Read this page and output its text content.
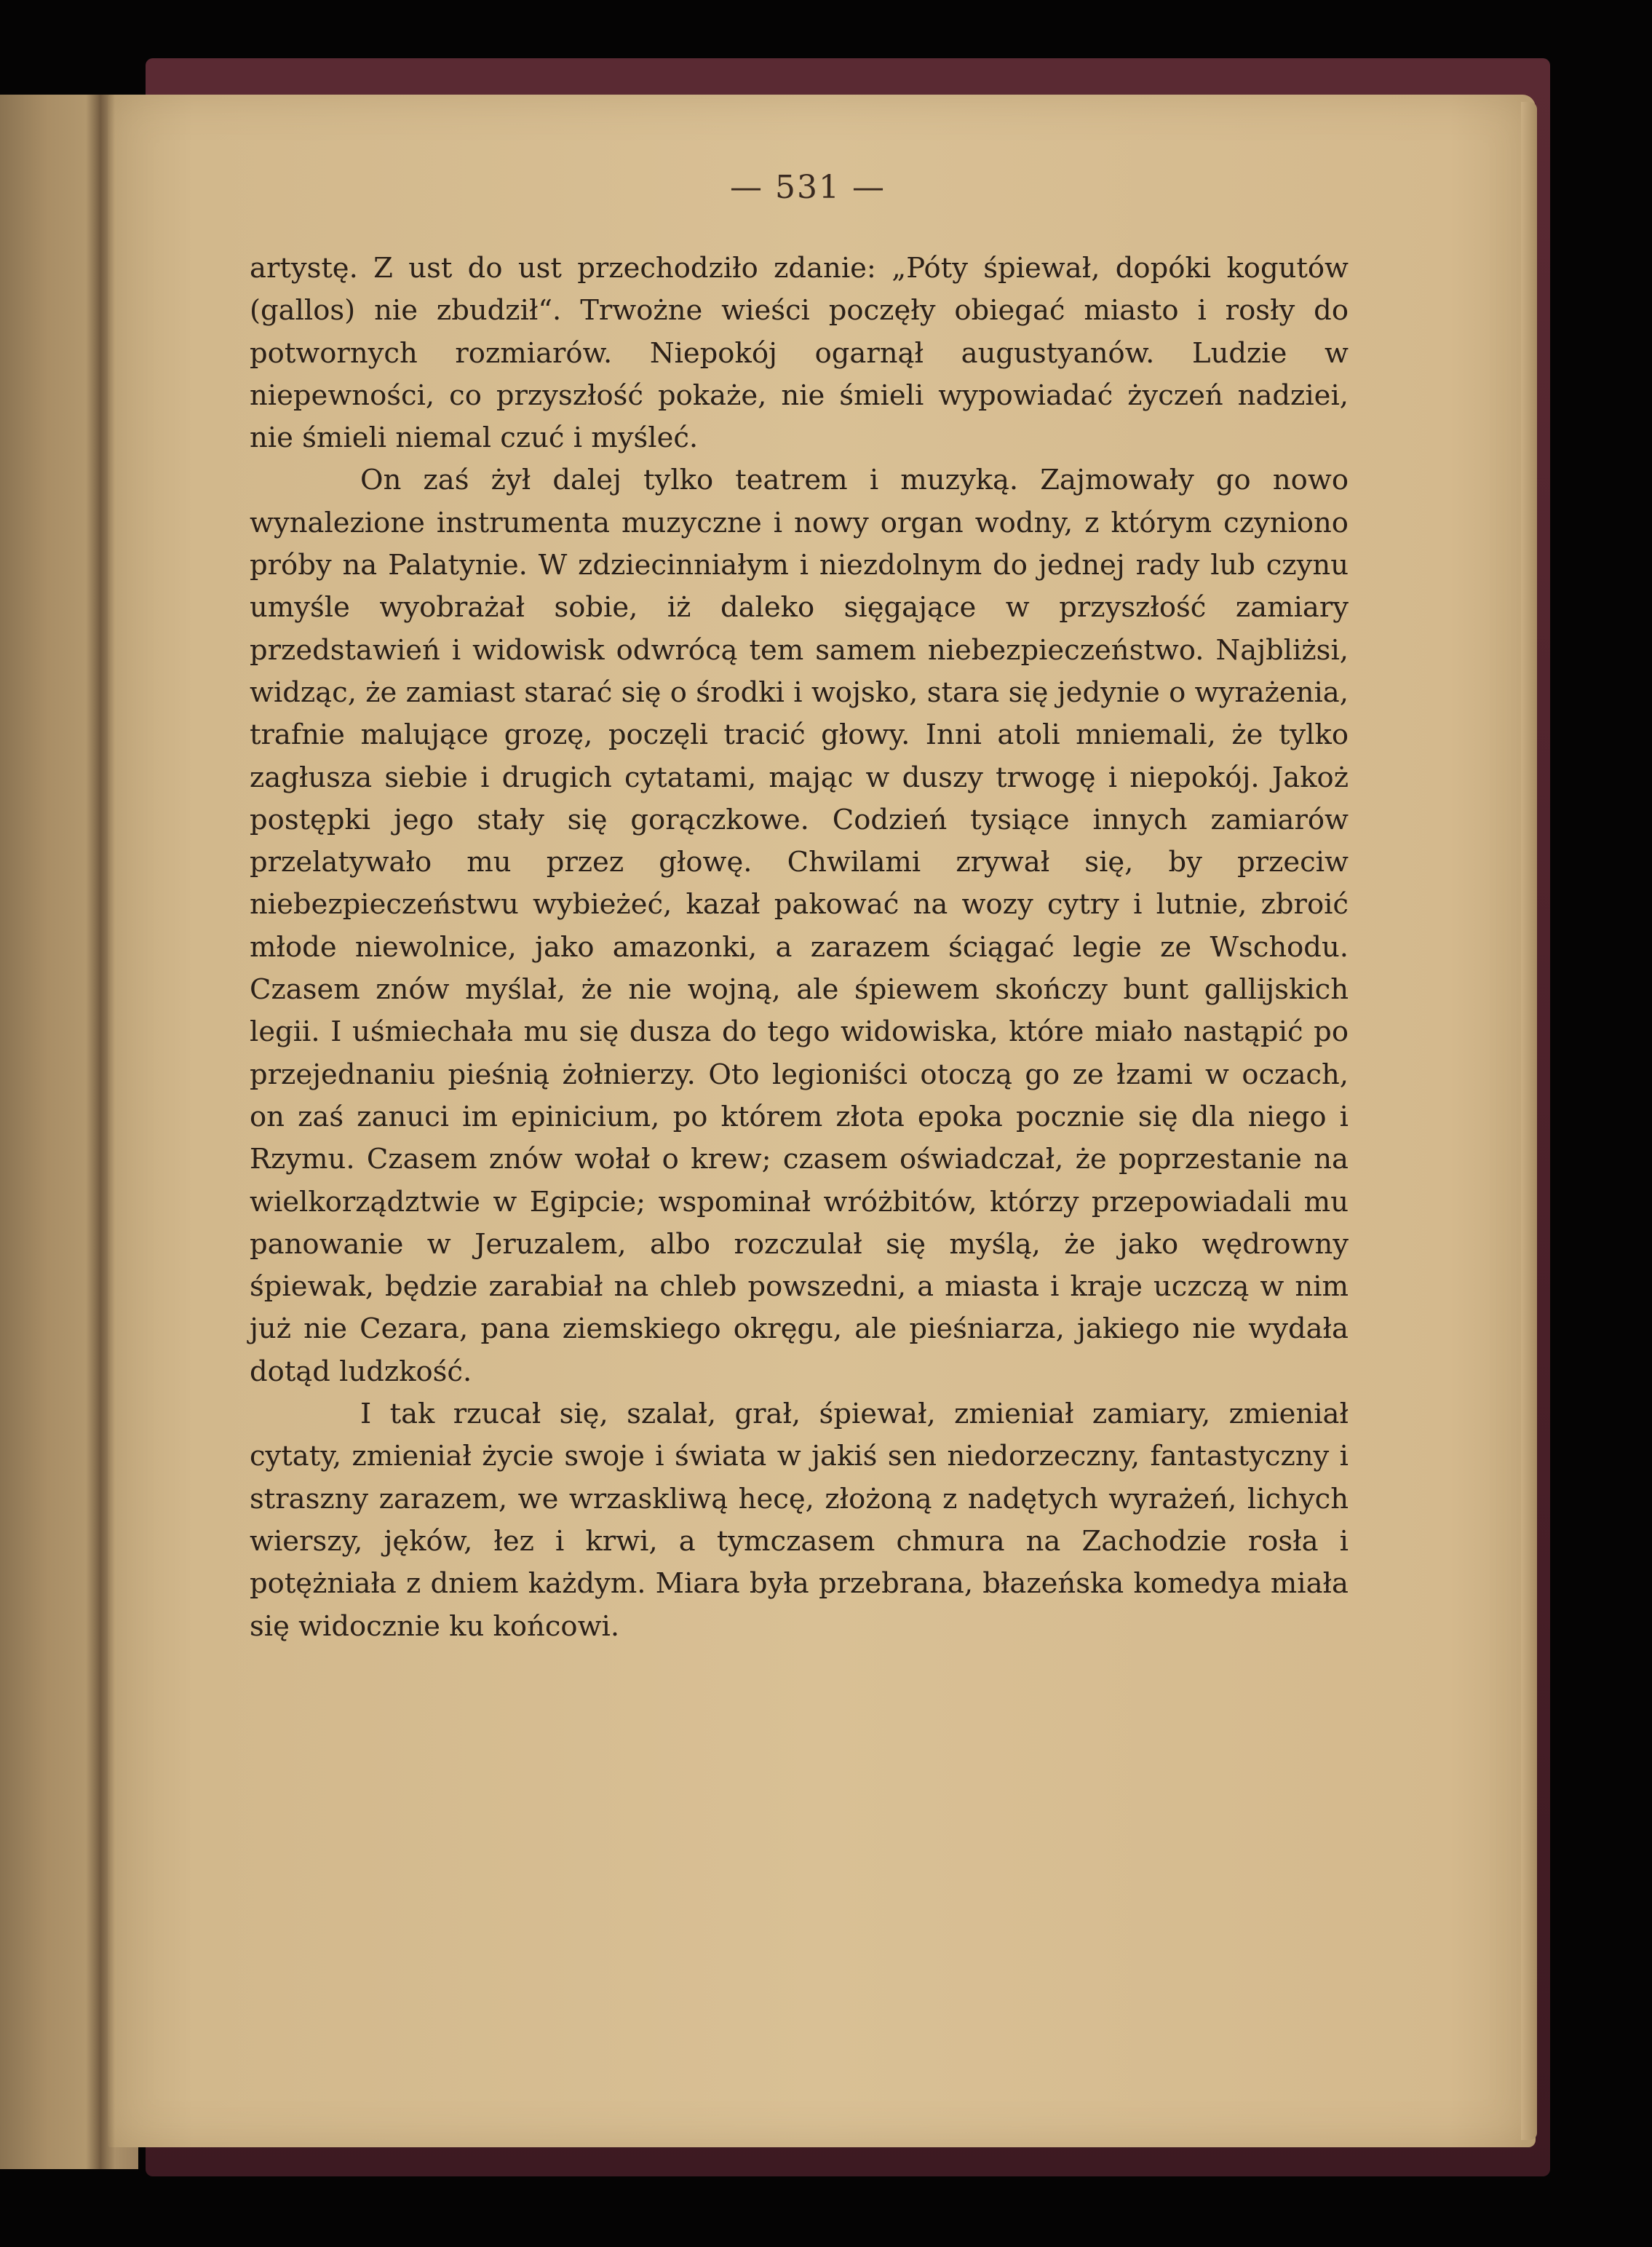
— 531 —

artystę. Z ust do ust przechodziło zdanie: „Póty śpiewał, dopóki kogutów (gallos) nie zbudził“. Trwożne wieści poczęły obiegać miasto i rosły do potwornych rozmiarów. Niepokój ogarnął augustyanów. Ludzie w niepewności, co przyszłość pokaże, nie śmieli wypowiadać życzeń nadziei, nie śmieli niemal czuć i myśleć.

On zaś żył dalej tylko teatrem i muzyką. Zajmowały go nowo wynalezione instrumenta muzyczne i nowy organ wodny, z którym czyniono próby na Palatynie. W zdziecinniałym i niezdolnym do jednej rady lub czynu umyśle wyobrażał sobie, iż daleko sięgające w przyszłość zamiary przedstawień i widowisk odwrócą tem samem niebezpieczeństwo. Najbliżsi, widząc, że zamiast starać się o środki i wojsko, stara się jedynie o wyrażenia, trafnie malujące grozę, poczęli tracić głowy. Inni atoli mniemali, że tylko zagłusza siebie i drugich cytatami, mając w duszy trwogę i niepokój. Jakoż postępki jego stały się gorączkowe. Codzień tysiące innych zamiarów przelatywało mu przez głowę. Chwilami zrywał się, by przeciw niebezpieczeństwu wybieżeć, kazał pakować na wozy cytry i lutnie, zbroić młode niewolnice, jako amazonki, a zarazem ściągać legie ze Wschodu. Czasem znów myślał, że nie wojną, ale śpiewem skończy bunt gallijskich legii. I uśmiechała mu się dusza do tego widowiska, które miało nastąpić po przejednaniu pieśnią żołnierzy. Oto legioniści otoczą go ze łzami w oczach, on zaś zanuci im epinicium, po którem złota epoka pocznie się dla niego i Rzymu. Czasem znów wołał o krew; czasem oświadczał, że poprzestanie na wielkorządztwie w Egipcie; wspominał wróżbitów, którzy przepowiadali mu panowanie w Jeruzalem, albo rozczulał się myślą, że jako wędrowny śpiewak, będzie zarabiał na chleb powszedni, a miasta i kraje uczczą w nim już nie Cezara, pana ziemskiego okręgu, ale pieśniarza, jakiego nie wydała dotąd ludzkość.

I tak rzucał się, szalał, grał, śpiewał, zmieniał zamiary, zmieniał cytaty, zmieniał życie swoje i świata w jakiś sen niedorzeczny, fantastyczny i straszny zarazem, we wrzaskliwą hecę, złożoną z nadętych wyrażeń, lichych wierszy, jęków, łez i krwi, a tymczasem chmura na Zachodzie rosła i potężniała z dniem każdym. Miara była przebrana, błazeńska komedya miała się widocznie ku końcowi.
